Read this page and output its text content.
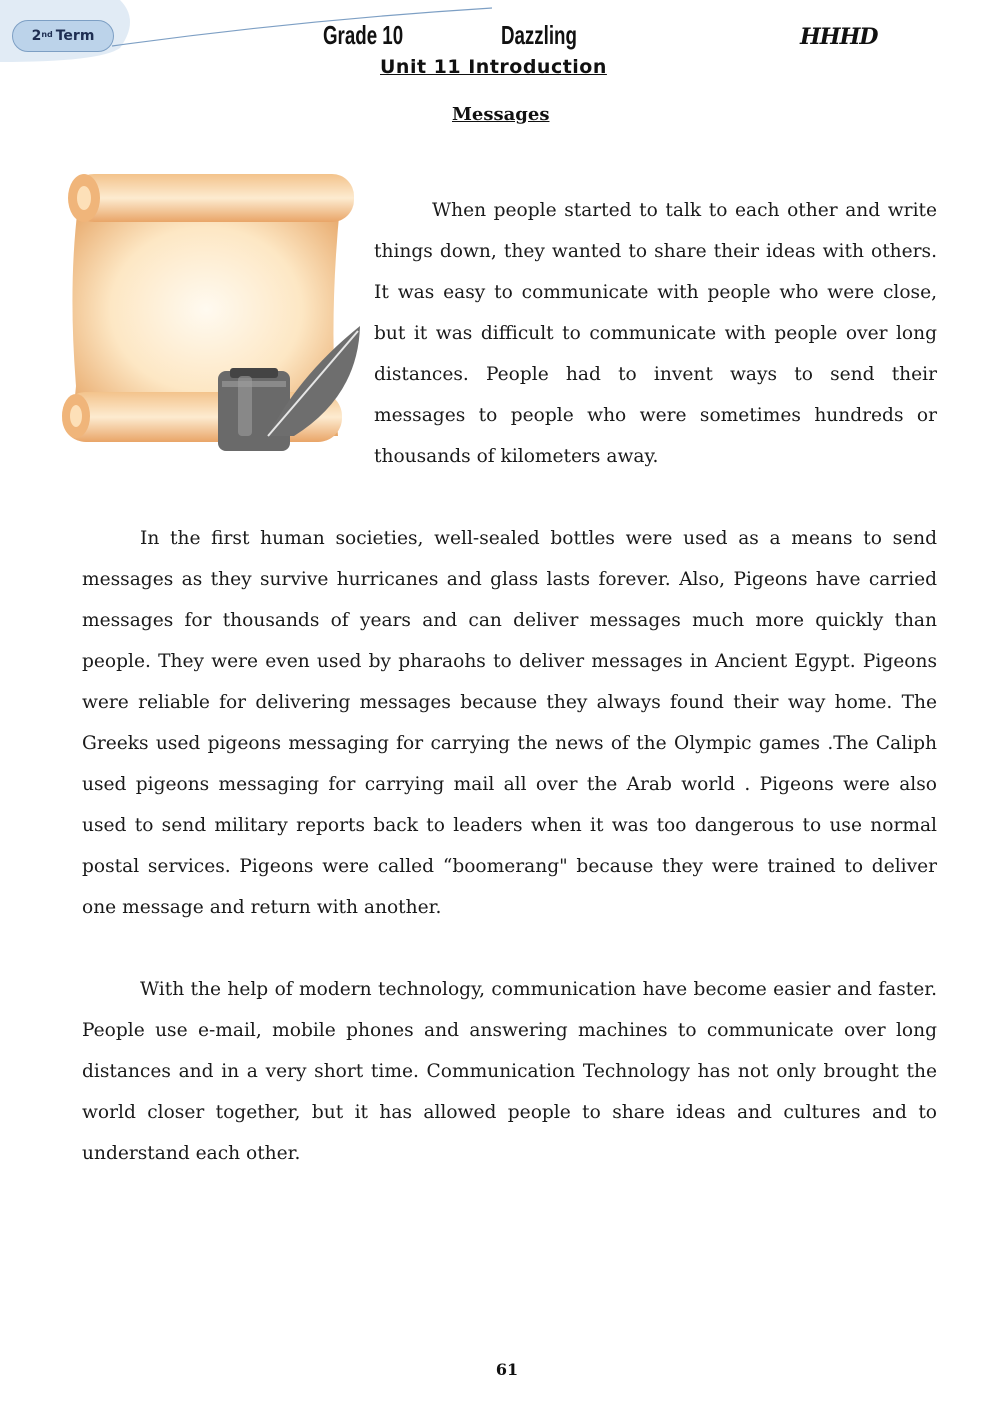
2nd Term	Grade 10	Dazzling	HHHD
Unit 11 Introduction
Messages
When people started to talk to each other and write things down, they wanted to share their ideas with others. It was easy to communicate with people who were close, but it was difficult to communicate with people over long distances. People had to invent ways to send their messages to people who were sometimes hundreds or thousands of kilometers away.
In the first human societies, well-sealed bottles were used as a means to send messages as they survive hurricanes and glass lasts forever. Also, Pigeons have carried messages for thousands of years and can deliver messages much more quickly than people. They were even used by pharaohs to deliver messages in Ancient Egypt. Pigeons were reliable for delivering messages because they always found their way home. The Greeks used pigeons messaging for carrying the news of the Olympic games .The Caliph used pigeons messaging for carrying mail all over the Arab world . Pigeons were also used to send military reports back to leaders when it was too dangerous to use normal postal services. Pigeons were called “boomerang" because they were trained to deliver one message and return with another.
With the help of modern technology, communication have become easier and faster. People use e-mail, mobile phones and answering machines to communicate over long distances and in a very short time. Communication Technology has not only brought the world closer together, but it has allowed people to share ideas and cultures and to understand each other.
61
